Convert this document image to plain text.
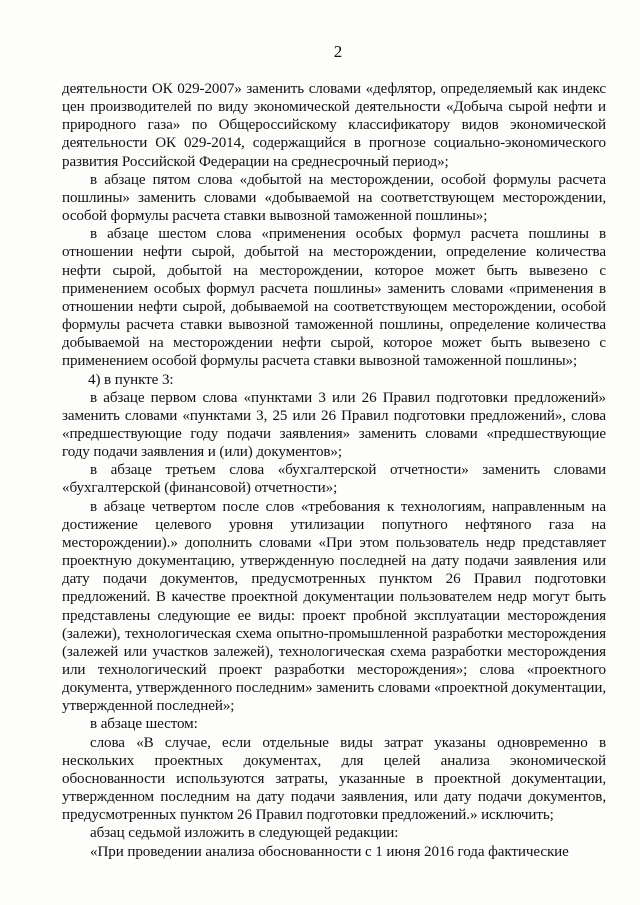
2

деятельности ОК 029-2007» заменить словами «дефлятор, определяемый как индекс цен производителей по виду экономической деятельности «Добыча сырой нефти и природного газа» по Общероссийскому классификатору видов экономической деятельности ОК 029-2014, содержащийся в прогнозе социально-экономического развития Российской Федерации на среднесрочный период»;

в абзаце пятом слова «добытой на месторождении, особой формулы расчета пошлины» заменить словами «добываемой на соответствующем месторождении, особой формулы расчета ставки вывозной таможенной пошлины»;

в абзаце шестом слова «применения особых формул расчета пошлины в отношении нефти сырой, добытой на месторождении, определение количества нефти сырой, добытой на месторождении, которое может быть вывезено с применением особых формул расчета пошлины» заменить словами «применения в отношении нефти сырой, добываемой на соответствующем месторождении, особой формулы расчета ставки вывозной таможенной пошлины, определение количества добываемой на месторождении нефти сырой, которое может быть вывезено с применением особой формулы расчета ставки вывозной таможенной пошлины»;

4) в пункте 3:

в абзаце первом слова «пунктами 3 или 26 Правил подготовки предложений» заменить словами «пунктами 3, 25 или 26 Правил подготовки предложений», слова «предшествующие году подачи заявления» заменить словами «предшествующие году подачи заявления и (или) документов»;

в абзаце третьем слова «бухгалтерской отчетности» заменить словами «бухгалтерской (финансовой) отчетности»;

в абзаце четвертом после слов «требования к технологиям, направленным на достижение целевого уровня утилизации попутного нефтяного газа на месторождении).» дополнить словами «При этом пользователь недр представляет проектную документацию, утвержденную последней на дату подачи заявления или дату подачи документов, предусмотренных пунктом 26 Правил подготовки предложений. В качестве проектной документации пользователем недр могут быть представлены следующие ее виды: проект пробной эксплуатации месторождения (залежи), технологическая схема опытно-промышленной разработки месторождения (залежей или участков залежей), технологическая схема разработки месторождения или технологический проект разработки месторождения»; слова «проектного документа, утвержденного последним» заменить словами «проектной документации, утвержденной последней»;

в абзаце шестом:

слова «В случае, если отдельные виды затрат указаны одновременно в нескольких проектных документах, для целей анализа экономической обоснованности используются затраты, указанные в проектной документации, утвержденном последним на дату подачи заявления, или дату подачи документов, предусмотренных пунктом 26 Правил подготовки предложений.» исключить;

абзац седьмой изложить в следующей редакции:

«При проведении анализа обоснованности с 1 июня 2016 года фактические
